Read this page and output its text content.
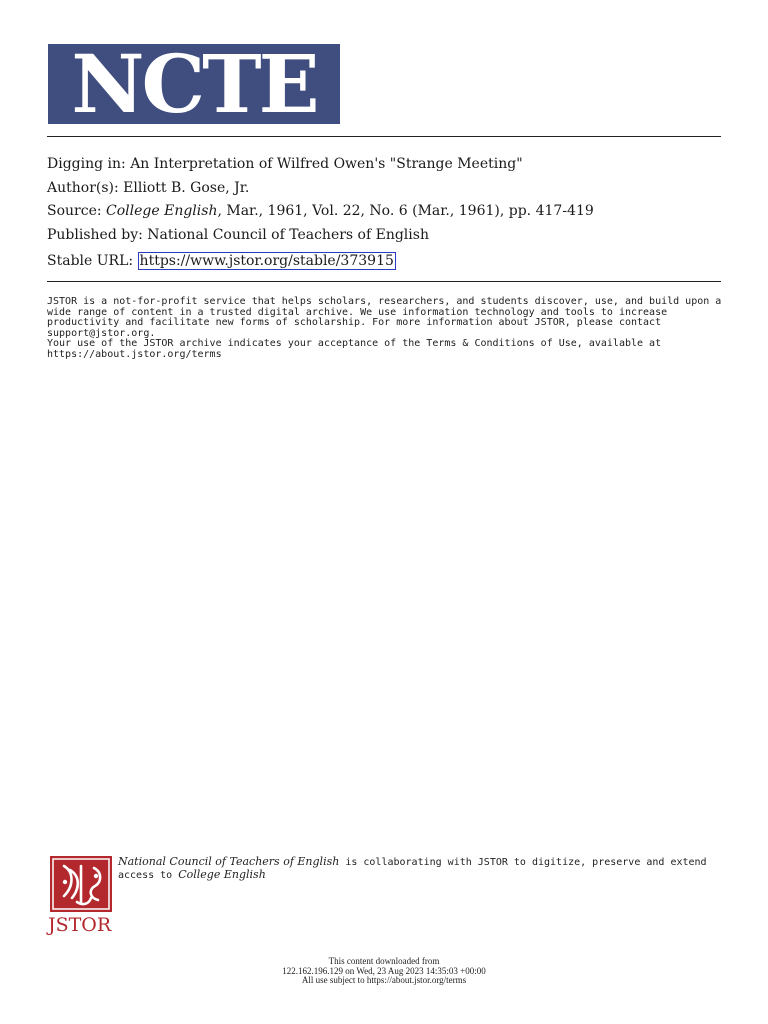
NCTE
Digging in: An Interpretation of Wilfred Owen's "Strange Meeting"
Author(s): Elliott B. Gose, Jr.
Source: College English, Mar., 1961, Vol. 22, No. 6 (Mar., 1961), pp. 417-419
Published by: National Council of Teachers of English
Stable URL: https://www.jstor.org/stable/373915
JSTOR is a not-for-profit service that helps scholars, researchers, and students discover, use, and build upon a wide range of content in a trusted digital archive. We use information technology and tools to increase productivity and facilitate new forms of scholarship. For more information about JSTOR, please contact support@jstor.org.
Your use of the JSTOR archive indicates your acceptance of the Terms & Conditions of Use, available at https://about.jstor.org/terms
JSTOR
National Council of Teachers of English is collaborating with JSTOR to digitize, preserve and extend access to College English
This content downloaded from
122.162.196.129 on Wed, 23 Aug 2023 14:35:03 +00:00
All use subject to https://about.jstor.org/terms
